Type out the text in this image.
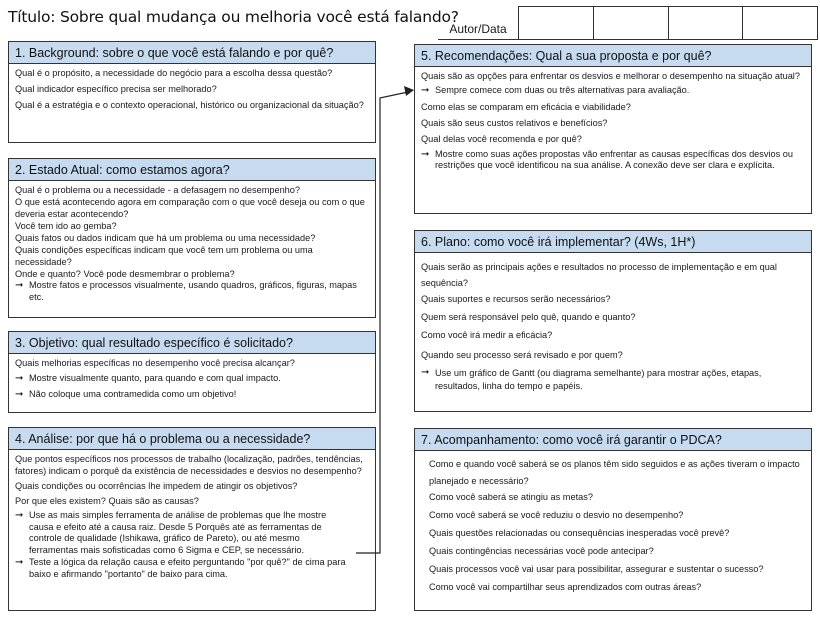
Título: Sobre qual mudança ou melhoria você está falando?
Autor/Data
1. Background: sobre o que você está falando e por quê?

Qual é o propósito, a necessidade do negócio para a escolha dessa questão?

Qual indicador específico precisa ser melhorado?

Qual é a estratégia e o contexto operacional, histórico ou organizacional da situação?

2. Estado Atual: como estamos agora?

Qual é o problema ou a necessidade - a defasagem no desempenho?

O que está acontecendo agora em comparação com o que você deseja ou com o que deveria estar acontecendo?

Você tem ido ao gemba?

Quais fatos ou dados indicam que há um problema ou uma necessidade?

Quais condições específicas indicam que você tem um problema ou uma necessidade?

Onde e quanto? Você pode desmembrar o problema?

➞ Mostre fatos e processos visualmente, usando quadros, gráficos, figuras, mapas etc.
3. Objetivo: qual resultado específico é solicitado?

Quais melhorias específicas no desempenho você precisa alcançar?

➞ Mostre visualmente quanto, para quando e com qual impacto.
➞ Não coloque uma contramedida como um objetivo!
4. Análise: por que há o problema ou a necessidade?

Que pontos específicos nos processos de trabalho (localização, padrões, tendências, fatores) indicam o porquê da existência de necessidades e desvios no desempenho?

Quais condições ou ocorrências lhe impedem de atingir os objetivos?

Por que eles existem? Quais são as causas?

➞ Use as mais simples ferramenta de análise de problemas que lhe mostre causa e efeito até a causa raiz. Desde 5 Porquês até as ferramentas de controle de qualidade (Ishikawa, gráfico de Pareto), ou até mesmo ferramentas mais sofisticadas como 6 Sigma e CEP, se necessário.
➞ Teste a lógica da relação causa e efeito perguntando "por quê?" de cima para baixo e afirmando "portanto" de baixo para cima.
5. Recomendações: Qual a sua proposta e por quê?

Quais são as opções para enfrentar os desvios e melhorar o desempenho na situação atual?

➞ Sempre comece com duas ou três alternativas para avaliação.

Como elas se comparam em eficácia e viabilidade?

Quais são seus custos relativos e benefícios?

Qual delas você recomenda e por quê?

➞ Mostre como suas ações propostas vão enfrentar as causas específicas dos desvios ou restrições que você identificou na sua análise. A conexão deve ser clara e explícita.
6. Plano: como você irá implementar? (4Ws, 1H*)

Quais serão as principais ações e resultados no processo de implementação e em qual sequência?

Quais suportes e recursos serão necessários?

Quem será responsável pelo quê, quando e quanto?

Como você irá medir a eficácia?

Quando seu processo será revisado e por quem?

➞ Use um gráfico de Gantt (ou diagrama semelhante) para mostrar ações, etapas, resultados, linha do tempo e papéis.
7. Acompanhamento: como você irá garantir o PDCA?

Como e quando você saberá se os planos têm sido seguidos e as ações tiveram o impacto planejado e necessário?

Como você saberá se atingiu as metas?

Como você saberá se você reduziu o desvio no desempenho?

Quais questões relacionadas ou consequências inesperadas você prevê?

Quais contingências necessárias você pode antecipar?

Quais processos você vai usar para possibilitar, assegurar e sustentar o sucesso?

Como você vai compartilhar seus aprendizados com outras áreas?
